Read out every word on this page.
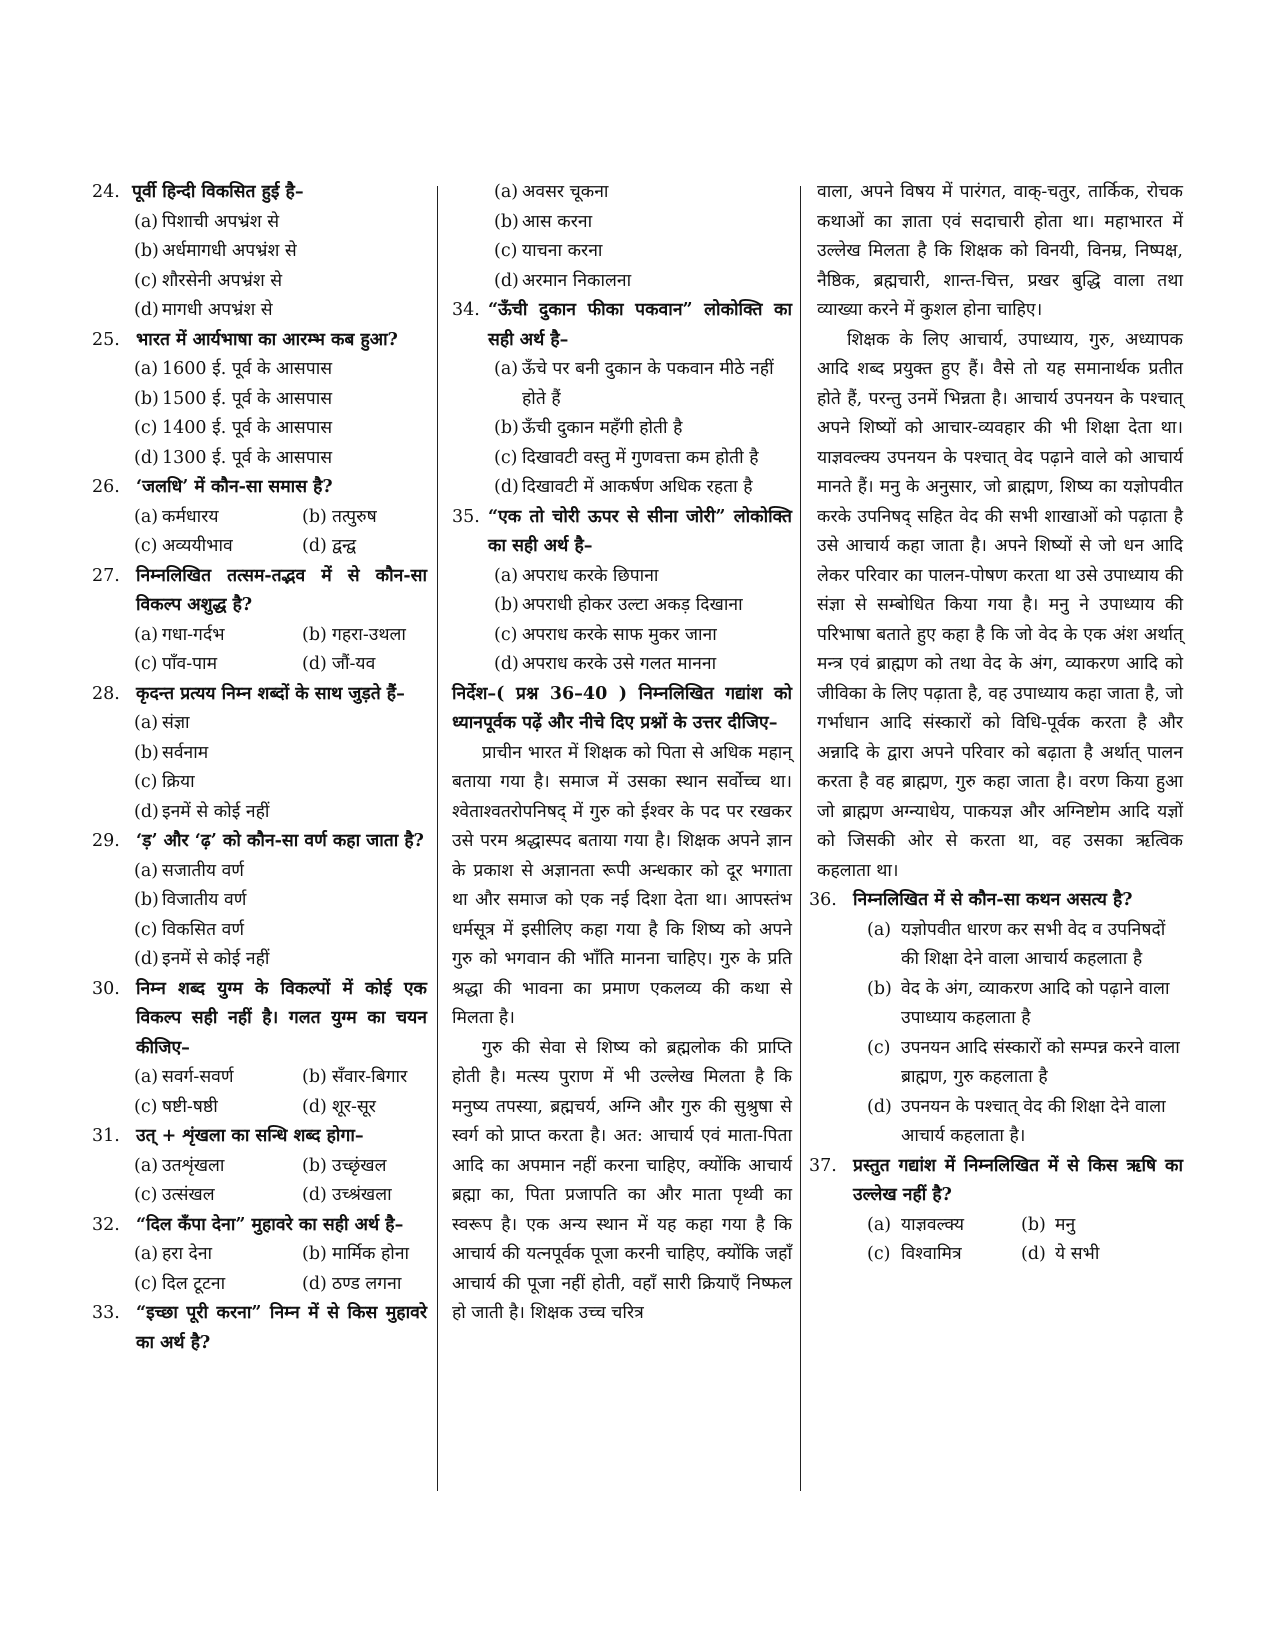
24. पूर्वी हिन्दी विकसित हुई है–
(a) पिशाची अपभ्रंश से
(b) अर्धमागधी अपभ्रंश से
(c) शौरसेनी अपभ्रंश से
(d) मागधी अपभ्रंश से
25. भारत में आर्यभाषा का आरम्भ कब हुआ?
(a) 1600 ई. पूर्व के आसपास
(b) 1500 ई. पूर्व के आसपास
(c) 1400 ई. पूर्व के आसपास
(d) 1300 ई. पूर्व के आसपास
26. ‘जलधि’ में कौन-सा समास है?
(a) कर्मधारय	(b) तत्पुरुष
(c) अव्ययीभाव	(d) द्वन्द्व
27. निम्नलिखित तत्सम-तद्भव में से कौन-सा विकल्प अशुद्ध है?
(a) गधा-गर्दभ	(b) गहरा-उथला
(c) पाँव-पाम	(d) जौं-यव
28. कृदन्त प्रत्यय निम्न शब्दों के साथ जुड़ते हैं–
(a) संज्ञा
(b) सर्वनाम
(c) क्रिया
(d) इनमें से कोई नहीं
29. ‘ड़’ और ‘ढ़’ को कौन-सा वर्ण कहा जाता है?
(a) सजातीय वर्ण
(b) विजातीय वर्ण
(c) विकसित वर्ण
(d) इनमें से कोई नहीं
30. निम्न शब्द युग्म के विकल्पों में कोई एक विकल्प सही नहीं है। गलत युग्म का चयन कीजिए–
(a) सवर्ग-सवर्ण	(b) सँवार-बिगार
(c) षष्टी-षष्ठी	(d) शूर-सूर
31. उत् + शृंखला का सन्धि शब्द होगा–
(a) उतशृंखला	(b) उच्छृंखल
(c) उत्संखल	(d) उच्श्रंखला
32. “दिल कँपा देना” मुहावरे का सही अर्थ है–
(a) हरा देना	(b) मार्मिक होना
(c) दिल टूटना	(d) ठण्ड लगना
33. “इच्छा पूरी करना” निम्न में से किस मुहावरे का अर्थ है?
(a) अवसर चूकना
(b) आस करना
(c) याचना करना
(d) अरमान निकालना
34. “ऊँची दुकान फीका पकवान” लोकोक्ति का सही अर्थ है–
(a) ऊँचे पर बनी दुकान के पकवान मीठे नहीं होते हैं
(b) ऊँची दुकान महँगी होती है
(c) दिखावटी वस्तु में गुणवत्ता कम होती है
(d) दिखावटी में आकर्षण अधिक रहता है
35. “एक तो चोरी ऊपर से सीना जोरी” लोकोक्ति का सही अर्थ है–
(a) अपराध करके छिपाना
(b) अपराधी होकर उल्टा अकड़ दिखाना
(c) अपराध करके साफ मुकर जाना
(d) अपराध करके उसे गलत मानना
निर्देश–( प्रश्न 36–40 ) निम्नलिखित गद्यांश को ध्यानपूर्वक पढ़ें और नीचे दिए प्रश्नों के उत्तर दीजिए–
प्राचीन भारत में शिक्षक को पिता से अधिक महान् बताया गया है। समाज में उसका स्थान सर्वोच्च था। श्वेताश्वतरोपनिषद् में गुरु को ईश्वर के पद पर रखकर उसे परम श्रद्धास्पद बताया गया है। शिक्षक अपने ज्ञान के प्रकाश से अज्ञानता रूपी अन्धकार को दूर भगाता था और समाज को एक नई दिशा देता था। आपस्तंभ धर्मसूत्र में इसीलिए कहा गया है कि शिष्य को अपने गुरु को भगवान की भाँति मानना चाहिए। गुरु के प्रति श्रद्धा की भावना का प्रमाण एकलव्य की कथा से मिलता है।
गुरु की सेवा से शिष्य को ब्रह्मलोक की प्राप्ति होती है। मत्स्य पुराण में भी उल्लेख मिलता है कि मनुष्य तपस्या, ब्रह्मचर्य, अग्नि और गुरु की सुश्रुषा से स्वर्ग को प्राप्त करता है। अत: आचार्य एवं माता-पिता आदि का अपमान नहीं करना चाहिए, क्योंकि आचार्य ब्रह्मा का, पिता प्रजापति का और माता पृथ्वी का स्वरूप है। एक अन्य स्थान में यह कहा गया है कि आचार्य की यत्नपूर्वक पूजा करनी चाहिए, क्योंकि जहाँ आचार्य की पूजा नहीं होती, वहाँ सारी क्रियाएँ निष्फल हो जाती है। शिक्षक उच्च चरित्र
वाला, अपने विषय में पारंगत, वाक्-चतुर, तार्किक, रोचक कथाओं का ज्ञाता एवं सदाचारी होता था। महाभारत में उल्लेख मिलता है कि शिक्षक को विनयी, विनम्र, निष्पक्ष, नैष्ठिक, ब्रह्मचारी, शान्त-चित्त, प्रखर बुद्धि वाला तथा व्याख्या करने में कुशल होना चाहिए।
शिक्षक के लिए आचार्य, उपाध्याय, गुरु, अध्यापक आदि शब्द प्रयुक्त हुए हैं। वैसे तो यह समानार्थक प्रतीत होते हैं, परन्तु उनमें भिन्नता है। आचार्य उपनयन के पश्चात् अपने शिष्यों को आचार-व्यवहार की भी शिक्षा देता था। याज्ञवल्क्य उपनयन के पश्चात् वेद पढ़ाने वाले को आचार्य मानते हैं। मनु के अनुसार, जो ब्राह्मण, शिष्य का यज्ञोपवीत करके उपनिषद् सहित वेद की सभी शाखाओं को पढ़ाता है उसे आचार्य कहा जाता है। अपने शिष्यों से जो धन आदि लेकर परिवार का पालन-पोषण करता था उसे उपाध्याय की संज्ञा से सम्बोधित किया गया है। मनु ने उपाध्याय की परिभाषा बताते हुए कहा है कि जो वेद के एक अंश अर्थात् मन्त्र एवं ब्राह्मण को तथा वेद के अंग, व्याकरण आदि को जीविका के लिए पढ़ाता है, वह उपाध्याय कहा जाता है, जो गर्भाधान आदि संस्कारों को विधि-पूर्वक करता है और अन्नादि के द्वारा अपने परिवार को बढ़ाता है अर्थात् पालन करता है वह ब्राह्मण, गुरु कहा जाता है। वरण किया हुआ जो ब्राह्मण अग्न्याधेय, पाकयज्ञ और अग्निष्टोम आदि यज्ञों को जिसकी ओर से करता था, वह उसका ऋत्विक कहलाता था।
36. निम्नलिखित में से कौन-सा कथन असत्य है?
(a) यज्ञोपवीत धारण कर सभी वेद व उपनिषदों की शिक्षा देने वाला आचार्य कहलाता है
(b) वेद के अंग, व्याकरण आदि को पढ़ाने वाला उपाध्याय कहलाता है
(c) उपनयन आदि संस्कारों को सम्पन्न करने वाला ब्राह्मण, गुरु कहलाता है
(d) उपनयन के पश्चात् वेद की शिक्षा देने वाला आचार्य कहलाता है।
37. प्रस्तुत गद्यांश में निम्नलिखित में से किस ऋषि का उल्लेख नहीं है?
(a) याज्ञवल्क्य	(b) मनु
(c) विश्वामित्र	(d) ये सभी
